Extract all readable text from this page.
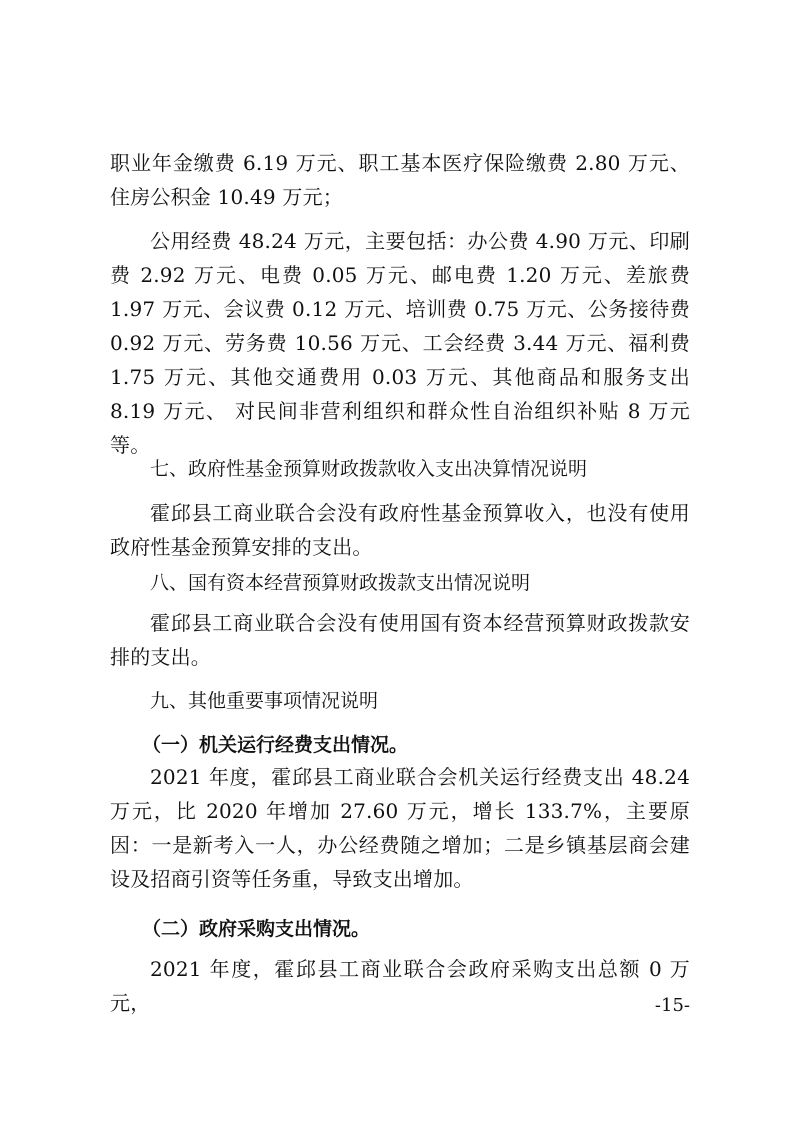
职业年金缴费 6.19 万元、职工基本医疗保险缴费 2.80 万元、住房公积金 10.49 万元；

公用经费 48.24 万元，主要包括：办公费 4.90 万元、印刷费 2.92 万元、电费 0.05 万元、邮电费 1.20 万元、差旅费 1.97 万元、会议费 0.12 万元、培训费 0.75 万元、公务接待费 0.92 万元、劳务费 10.56 万元、工会经费 3.44 万元、福利费 1.75 万元、其他交通费用 0.03 万元、其他商品和服务支出 8.19 万元、 对民间非营利组织和群众性自治组织补贴 8 万元等。

七、政府性基金预算财政拨款收入支出决算情况说明

霍邱县工商业联合会没有政府性基金预算收入，也没有使用政府性基金预算安排的支出。

八、国有资本经营预算财政拨款支出情况说明

霍邱县工商业联合会没有使用国有资本经营预算财政拨款安排的支出。

九、其他重要事项情况说明
（一）机关运行经费支出情况。

2021 年度，霍邱县工商业联合会机关运行经费支出 48.24 万元，比 2020 年增加 27.60 万元，增长 133.7%，主要原因：一是新考入一人，办公经费随之增加；二是乡镇基层商会建设及招商引资等任务重，导致支出增加。

（二）政府采购支出情况。

2021 年度，霍邱县工商业联合会政府采购支出总额 0 万元，	-15-
